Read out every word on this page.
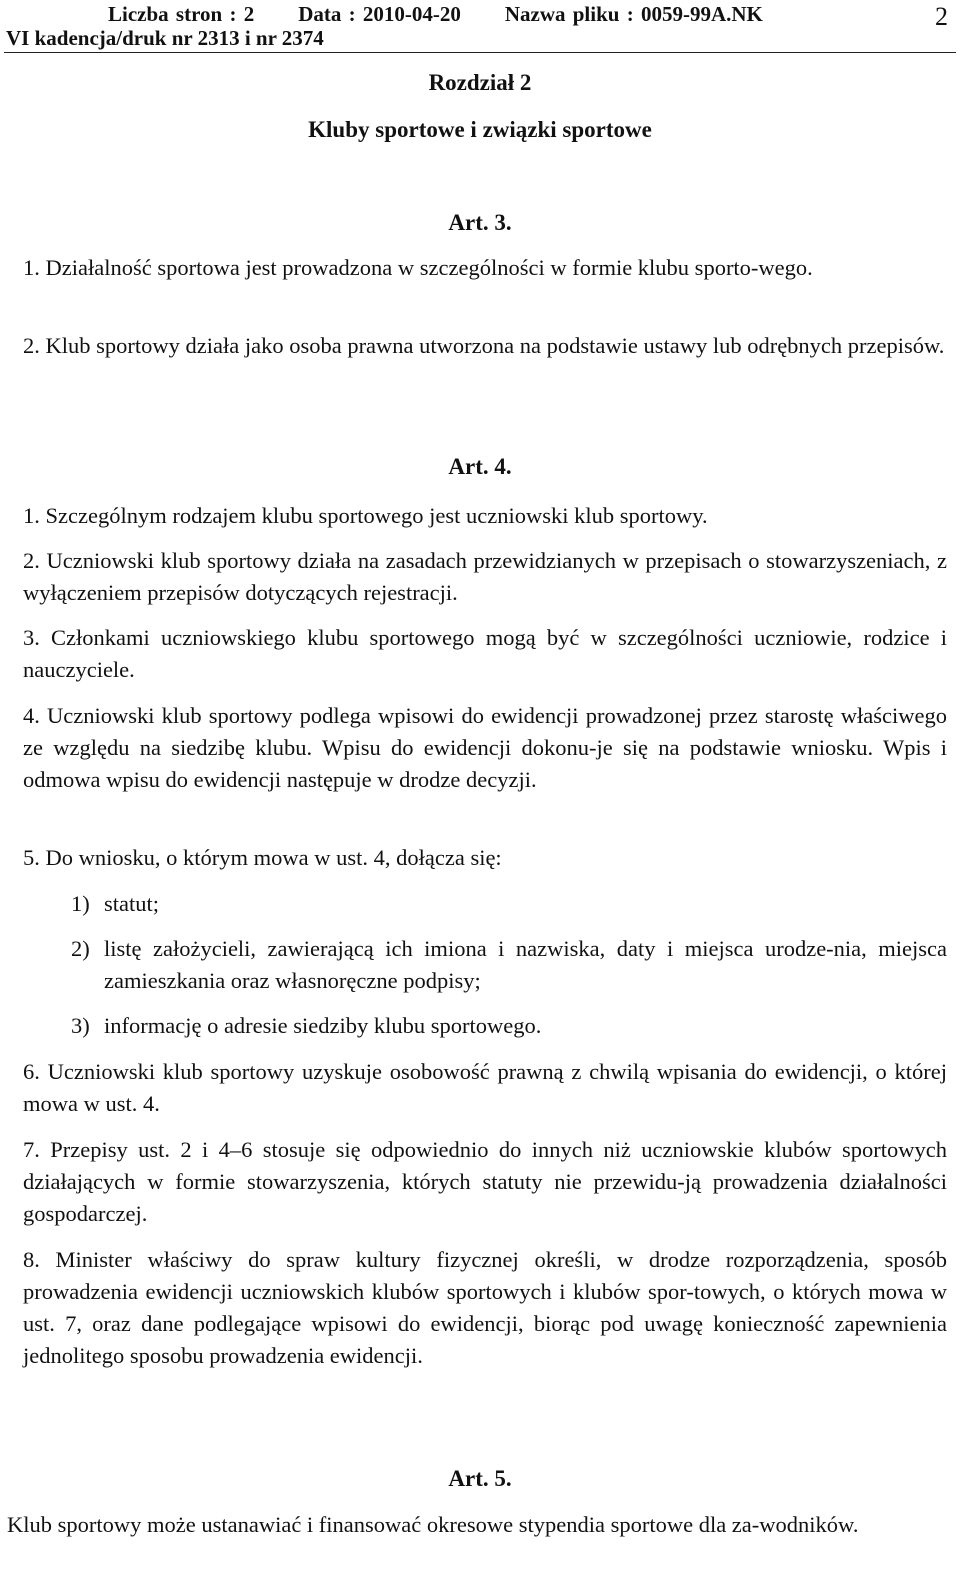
Liczba stron : 2 Data : 2010-04-20 Nazwa pliku : 0059-99A.NK
VI kadencja/druk nr 2313 i nr 2374
2
Rozdział 2
Kluby sportowe i związki sportowe
Art. 3.
1. Działalność sportowa jest prowadzona w szczególności w formie klubu sporto-wego.
2. Klub sportowy działa jako osoba prawna utworzona na podstawie ustawy lub odrębnych przepisów.
Art. 4.
1. Szczególnym rodzajem klubu sportowego jest uczniowski klub sportowy.
2. Uczniowski klub sportowy działa na zasadach przewidzianych w przepisach o stowarzyszeniach, z wyłączeniem przepisów dotyczących rejestracji.
3. Członkami uczniowskiego klubu sportowego mogą być w szczególności uczniowie, rodzice i nauczyciele.
4. Uczniowski klub sportowy podlega wpisowi do ewidencji prowadzonej przez starostę właściwego ze względu na siedzibę klubu. Wpisu do ewidencji dokonu-je się na podstawie wniosku. Wpis i odmowa wpisu do ewidencji następuje w drodze decyzji.
5. Do wniosku, o którym mowa w ust. 4, dołącza się:
1) statut;
2) listę założycieli, zawierającą ich imiona i nazwiska, daty i miejsca urodze-nia, miejsca zamieszkania oraz własnoręczne podpisy;
3) informację o adresie siedziby klubu sportowego.
6. Uczniowski klub sportowy uzyskuje osobowość prawną z chwilą wpisania do ewidencji, o której mowa w ust. 4.
7. Przepisy ust. 2 i 4–6 stosuje się odpowiednio do innych niż uczniowskie klubów sportowych działających w formie stowarzyszenia, których statuty nie przewidu-ją prowadzenia działalności gospodarczej.
8. Minister właściwy do spraw kultury fizycznej określi, w drodze rozporządzenia, sposób prowadzenia ewidencji uczniowskich klubów sportowych i klubów spor-towych, o których mowa w ust. 7, oraz dane podlegające wpisowi do ewidencji, biorąc pod uwagę konieczność zapewnienia jednolitego sposobu prowadzenia ewidencji.
Art. 5.
Klub sportowy może ustanawiać i finansować okresowe stypendia sportowe dla za-wodników.
